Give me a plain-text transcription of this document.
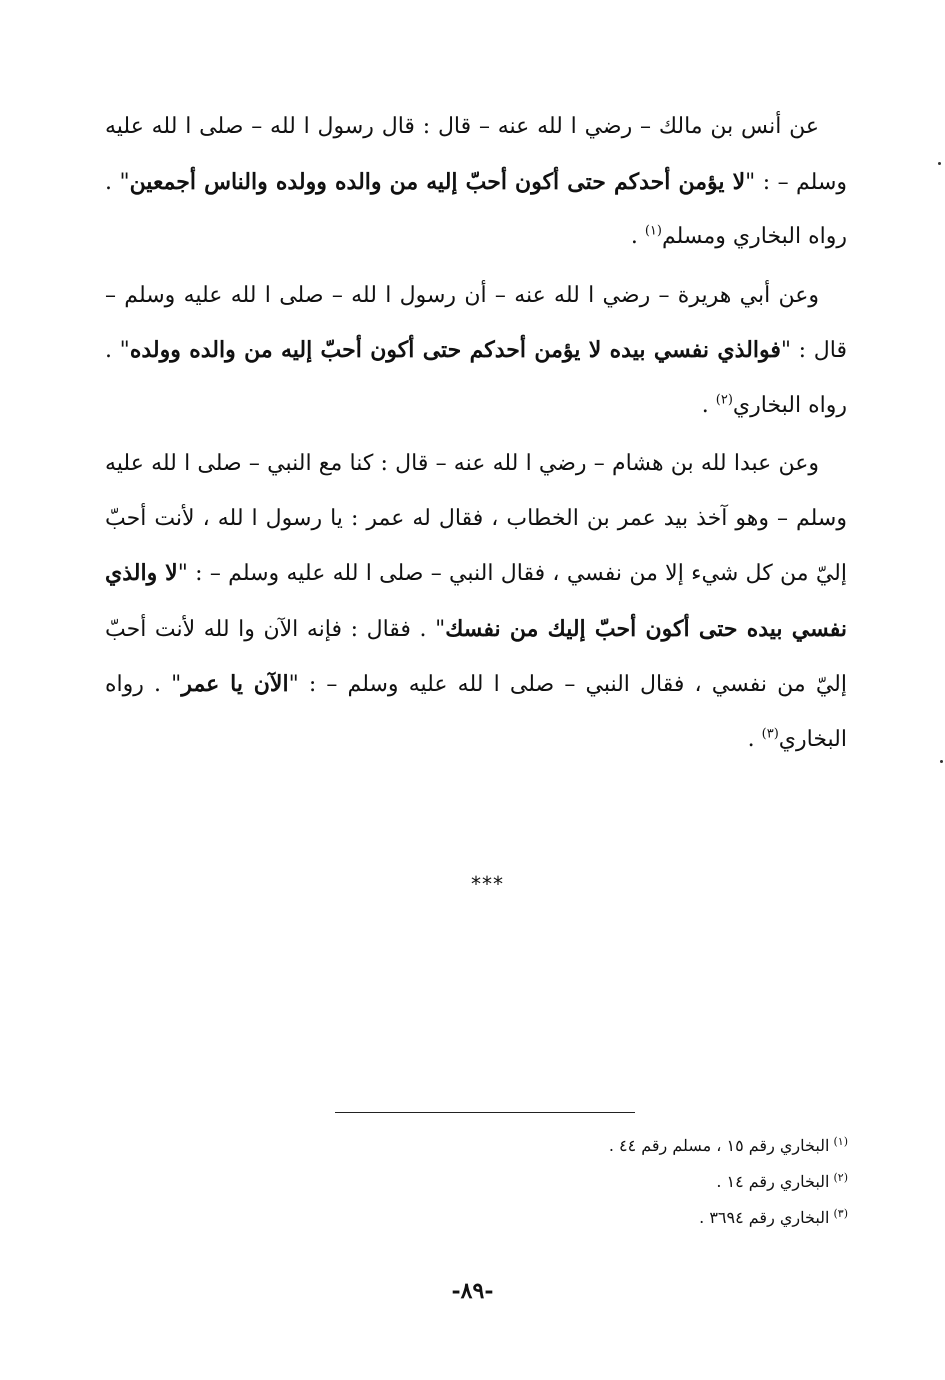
عن أنس بن مالك – رضي ا لله عنه – قال : قال رسول ا لله – صلى ا لله عليه وسلم – : "لا يؤمن أحدكم حتى أكون أحبّ إليه من والده وولده والناس أجمعين" . رواه البخاري ومسلم$^{(١)}$ .

وعن أبي هريرة – رضي ا لله عنه – أن رسول ا لله – صلى ا لله عليه وسلم – قال : "فوالذي نفسي بيده لا يؤمن أحدكم حتى أكون أحبّ إليه من والده وولده" . رواه البخاري$^{(٢)}$ .

وعن عبدا لله بن هشام – رضي ا لله عنه – قال : كنا مع النبي – صلى ا لله عليه وسلم – وهو آخذ بيد عمر بن الخطاب ، فقال له عمر : يا رسول ا لله ، لأنت أحبّ إليّ من كل شيء إلا من نفسي ، فقال النبي – صلى ا لله عليه وسلم – : "لا والذي نفسي بيده حتى أكون أحبّ إليك من نفسك" . فقال : فإنه الآن وا لله لأنت أحبّ إليّ من نفسي ، فقال النبي – صلى ا لله عليه وسلم – : "الآن يا عمر" . رواه البخاري$^{(٣)}$ .

***

$^{(١)}$البخاري رقم ١٥ ، مسلم رقم ٤٤ .

$^{(٢)}$البخاري رقم ١٤ .

$^{(٣)}$البخاري رقم ٣٦٩٤ .

-٨٩-
